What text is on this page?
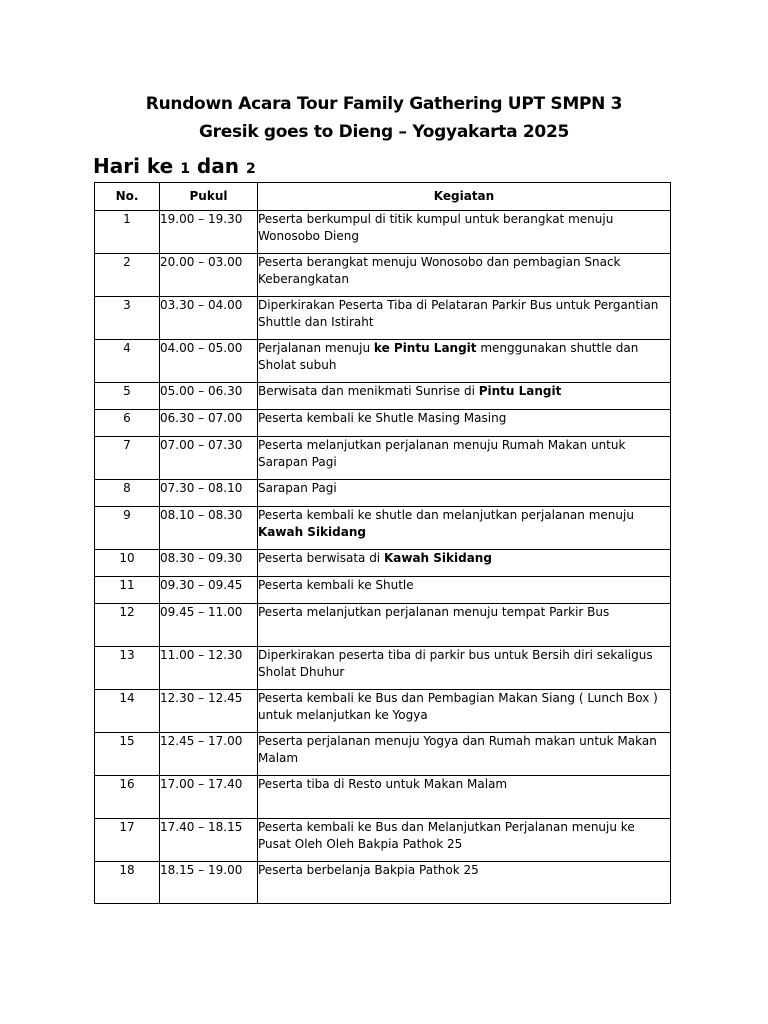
Rundown Acara Tour Family Gathering UPT SMPN 3
Gresik goes to Dieng – Yogyakarta 2025
Hari ke 1 dan 2
No.	Pukul	Kegiatan
1	19.00 – 19.30	Peserta berkumpul di titik kumpul untuk berangkat menuju Wonosobo Dieng
2	20.00 – 03.00	Peserta berangkat menuju Wonosobo dan pembagian Snack Keberangkatan
3	03.30 – 04.00	Diperkirakan Peserta Tiba di Pelataran Parkir Bus untuk Pergantian Shuttle dan Istiraht
4	04.00 – 05.00	Perjalanan menuju ke Pintu Langit menggunakan shuttle dan Sholat subuh
5	05.00 – 06.30	Berwisata dan menikmati Sunrise di Pintu Langit
6	06.30 – 07.00	Peserta kembali ke Shutle Masing Masing
7	07.00 – 07.30	Peserta melanjutkan perjalanan menuju Rumah Makan untuk Sarapan Pagi
8	07.30 – 08.10	Sarapan Pagi
9	08.10 – 08.30	Peserta kembali ke shutle dan melanjutkan perjalanan menuju Kawah Sikidang
10	08.30 – 09.30	Peserta berwisata di Kawah Sikidang
11	09.30 – 09.45	Peserta kembali ke Shutle
12	09.45 – 11.00	Peserta melanjutkan perjalanan menuju tempat Parkir Bus
13	11.00 – 12.30	Diperkirakan peserta tiba di parkir bus untuk Bersih diri sekaligus Sholat Dhuhur
14	12.30 – 12.45	Peserta kembali ke Bus dan Pembagian Makan Siang ( Lunch Box ) untuk melanjutkan ke Yogya
15	12.45 – 17.00	Peserta perjalanan menuju Yogya dan Rumah makan untuk Makan Malam
16	17.00 – 17.40	Peserta tiba di Resto untuk Makan Malam
17	17.40 – 18.15	Peserta kembali ke Bus dan Melanjutkan Perjalanan menuju ke Pusat Oleh Oleh Bakpia Pathok 25
18	18.15 – 19.00	Peserta berbelanja Bakpia Pathok 25
